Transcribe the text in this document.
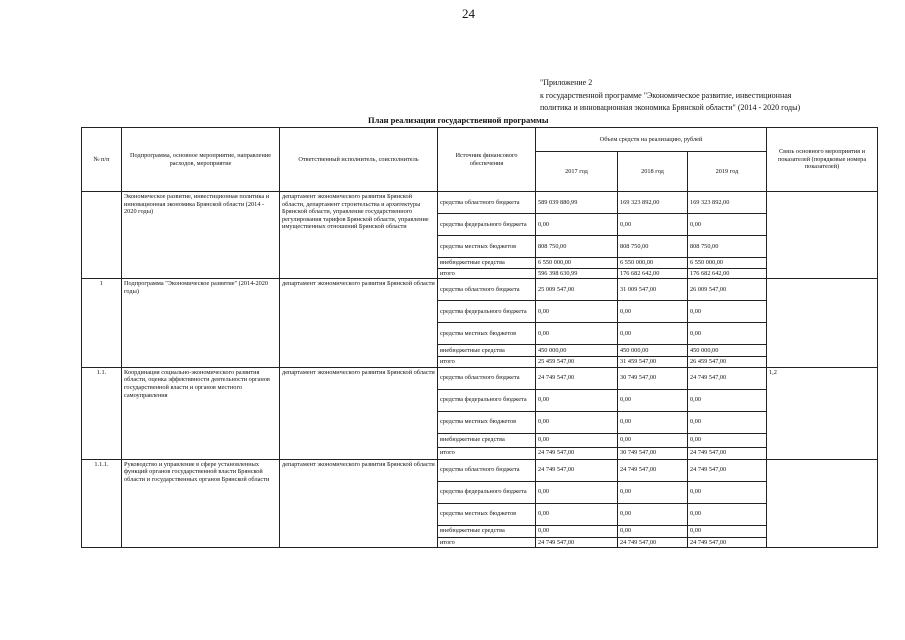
24
"Приложение 2
к государственной программе "Экономическое развитие, инвестиционная
политика и инновационная экономика Брянской области" (2014 - 2020 годы)
План реализации государственной программы
№ п/п	Подпрограмма, основное мероприятие, направление расходов, мероприятие	Ответственный исполнитель, соисполнитель	Источник финансового обеспечения	Объем средств на реализацию, рублей			Связь основного мероприятия и показателей (порядковые номера показателей)
				2017 год	2018 год	2019 год	
	Экономическое развитие, инвестиционная политика и инновационная экономика Брянской области (2014 - 2020 годы)	департамент экономического развития Брянской области, департамент строительства и архитектуры Брянской области, управление государственного регулирования тарифов Брянской области, управление имущественных отношений Брянской области	средства областного бюджета	589 039 880,99	169 323 892,00	169 323 892,00	
			средства федерального бюджета	0,00	0,00	0,00	
			средства местных бюджетов	808 750,00	808 750,00	808 750,00	
			внебюджетные средства	6 550 000,00	6 550 000,00	6 550 000,00	
			итого	596 398 630,99	176 682 642,00	176 682 642,00	
1	Подпрограмма "Экономическое развитие" (2014-2020 годы)	департамент экономического развития Брянской области	средства областного бюджета	25 009 547,00	31 009 547,00	26 009 547,00	
			средства федерального бюджета	0,00	0,00	0,00	
			средства местных бюджетов	0,00	0,00	0,00	
			внебюджетные средства	450 000,00	450 000,00	450 000,00	
			итого	25 459 547,00	31 459 547,00	26 459 547,00	
1.1.	Координация социально-экономического развития области, оценка эффективности деятельности органов государственной власти и органов местного самоуправления	департамент экономического развития Брянской области	средства областного бюджета	24 749 547,00	30 749 547,00	24 749 547,00	1,2
			средства федерального бюджета	0,00	0,00	0,00	
			средства местных бюджетов	0,00	0,00	0,00	
			внебюджетные средства	0,00	0,00	0,00	
			итого	24 749 547,00	30 749 547,00	24 749 547,00	
1.1.1.	Руководство и управление в сфере установленных функций органов государственной власти Брянской области и государственных органов Брянской области	департамент экономического развития Брянской области	средства областного бюджета	24 749 547,00	24 749 547,00	24 749 547,00	
			средства федерального бюджета	0,00	0,00	0,00	
			средства местных бюджетов	0,00	0,00	0,00	
			внебюджетные средства	0,00	0,00	0,00	
			итого	24 749 547,00	24 749 547,00	24 749 547,00	
